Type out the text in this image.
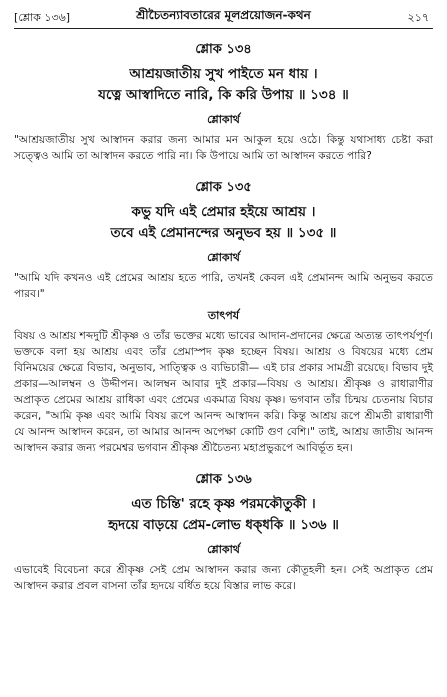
[শ্লোক ১৩৬]	শ্রীচৈতন্যাবতারের মূলপ্রয়োজন-কথন	২১৭
শ্লোক ১৩৪
আশ্রয়জাতীয় সুখ পাইতে মন ধায় ।
যত্নে আস্বাদিতে নারি, কি করি উপায় ॥ ১৩৪ ॥
শ্লোকার্থ
"আশ্রয়জাতীয় সুখ আস্বাদন করার জন্য আমার মন আকুল হয়ে ওঠে। কিন্তু যথাসাধ্য চেষ্টা করা সত্ত্বেও আমি তা আস্বাদন করতে পারি না। কি উপায়ে আমি তা আস্বাদন করতে পারি?
শ্লোক ১৩৫
কভু যদি এই প্রেমার হইয়ে আশ্রয় ।
তবে এই প্রেমানন্দের অনুভব হয় ॥ ১৩৫ ॥
শ্লোকার্থ
"আমি যদি কখনও এই প্রেমের আশ্রয় হতে পারি, তখনই কেবল এই প্রেমানন্দ আমি অনুভব করতে পারব।"
তাৎপর্য
বিষয় ও আশ্রয় শব্দদুটি শ্রীকৃষ্ণ ও তাঁর ভক্তের মধ্যে ভাবের আদান-প্রদানের ক্ষেত্রে অত্যন্ত তাৎপর্যপূর্ণ। ভক্তকে বলা হয় আশ্রয় এবং তাঁর প্রেমাস্পদ কৃষ্ণ হচ্ছেন বিষয়। আশ্রয় ও বিষয়ের মধ্যে প্রেম বিনিময়ের ক্ষেত্রে বিভাব, অনুভাব, সাত্ত্বিক ও ব্যভিচারী— এই চার প্রকার সামগ্রী রয়েছে। বিভাব দুই প্রকার—আলম্বন ও উদ্দীপন। আলম্বন আবার দুই প্রকার—বিষয় ও আশ্রয়। শ্রীকৃষ্ণ ও রাধারাণীর অপ্রাকৃত প্রেমের আশ্রয় রাধিকা এবং প্রেমের একমাত্র বিষয় কৃষ্ণ। ভগবান তাঁর চিন্ময় চেতনায় বিচার করেন, "আমি কৃষ্ণ এবং আমি বিষয় রূপে আনন্দ আস্বাদন করি। কিন্তু আশ্রয় রূপে শ্রীমতী রাধারাণী যে আনন্দ আস্বাদন করেন, তা আমার আনন্দ অপেক্ষা কোটি গুণ বেশি।" তাই, আশ্রয় জাতীয় আনন্দ আস্বাদন করার জন্য পরমেশ্বর ভগবান শ্রীকৃষ্ণ শ্রীচৈতন্য মহাপ্রভুরূপে আবির্ভূত হন।
শ্লোক ১৩৬
এত চিন্তি' রহে কৃষ্ণ পরমকৌতুকী ।
হৃদয়ে বাড়য়ে প্রেম-লোভ ধক্‌ধকি ॥ ১৩৬ ॥
শ্লোকার্থ
এভাবেই বিবেচনা করে শ্রীকৃষ্ণ সেই প্রেম আস্বাদন করার জন্য কৌতূহলী হন। সেই অপ্রাকৃত প্রেম আস্বাদন করার প্রবল বাসনা তাঁর হৃদয়ে বর্ধিত হয়ে বিস্তার লাভ করে।
